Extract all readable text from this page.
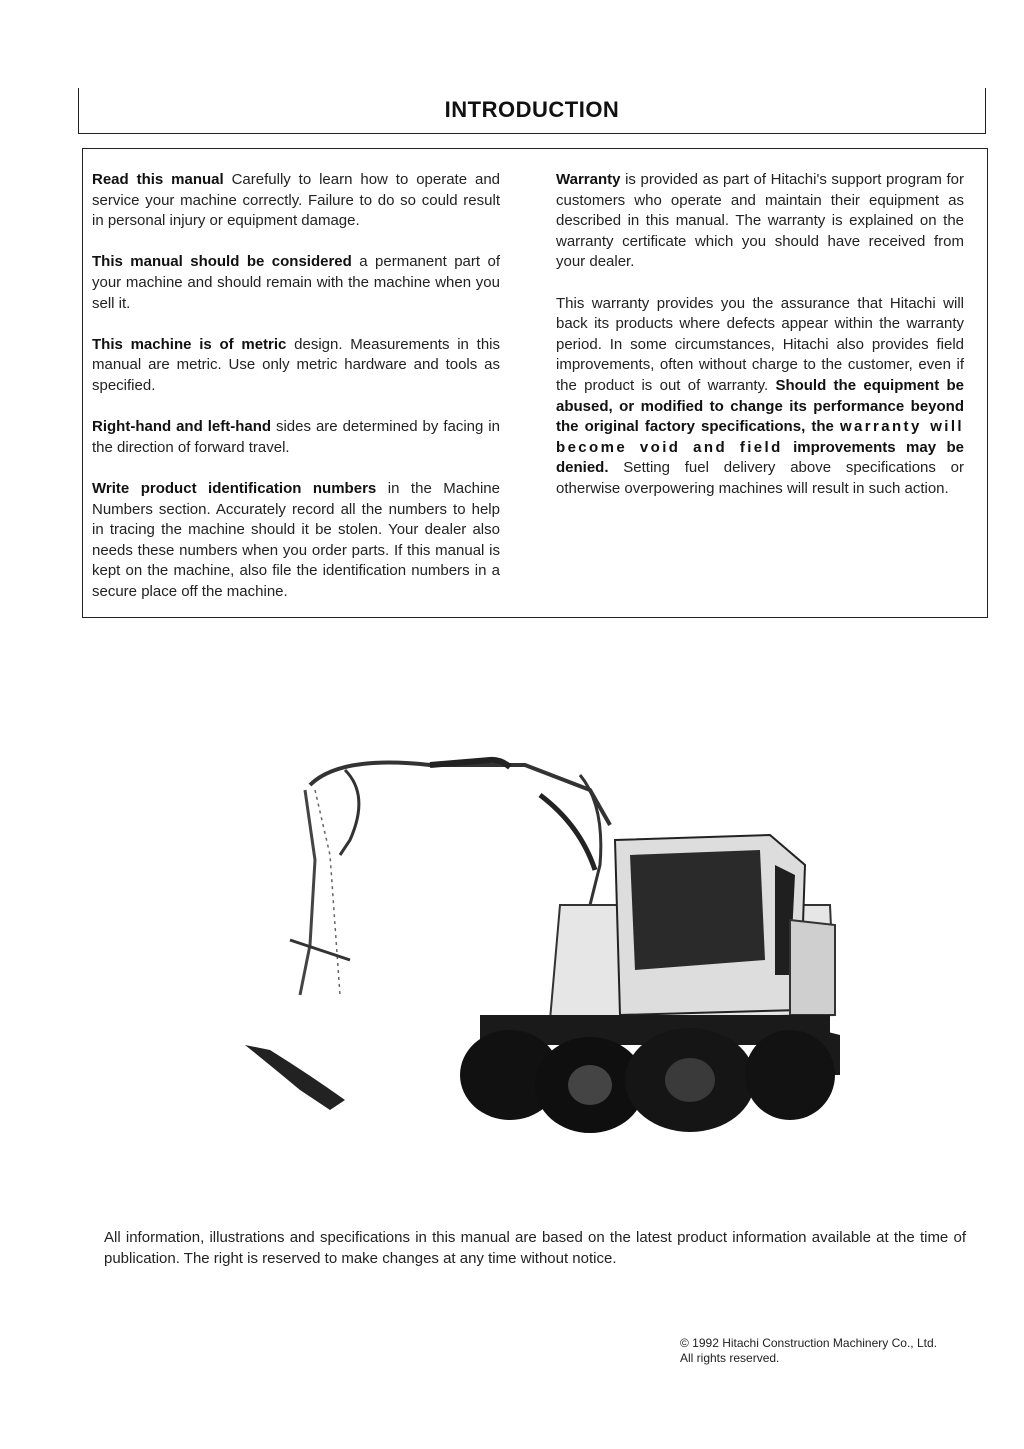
INTRODUCTION

Read this manual Carefully to learn how to operate and service your machine correctly. Failure to do so could result in personal injury or equipment damage.

This manual should be considered a permanent part of your machine and should remain with the machine when you sell it.

This machine is of metric design. Measurements in this manual are metric. Use only metric hardware and tools as specified.

Right-hand and left-hand sides are determined by facing in the direction of forward travel.

Write product identification numbers in the Machine Numbers section. Accurately record all the numbers to help in tracing the machine should it be stolen. Your dealer also needs these numbers when you order parts. If this manual is kept on the machine, also file the identification numbers in a secure place off the machine.

Warranty is provided as part of Hitachi's support program for customers who operate and maintain their equipment as described in this manual. The warranty is explained on the warranty certificate which you should have received from your dealer.

This warranty provides you the assurance that Hitachi will back its products where defects appear within the warranty period. In some circumstances, Hitachi also provides field improvements, often without charge to the customer, even if the product is out of warranty. Should the equipment be abused, or modified to change its performance beyond the original factory specifications, the warranty will become void and field improvements may be denied. Setting fuel delivery above specifications or otherwise overpowering machines will result in such action.

All information, illustrations and specifications in this manual are based on the latest product information available at the time of publication. The right is reserved to make changes at any time without notice.
© 1992 Hitachi Construction Machinery Co., Ltd.
All rights reserved.
